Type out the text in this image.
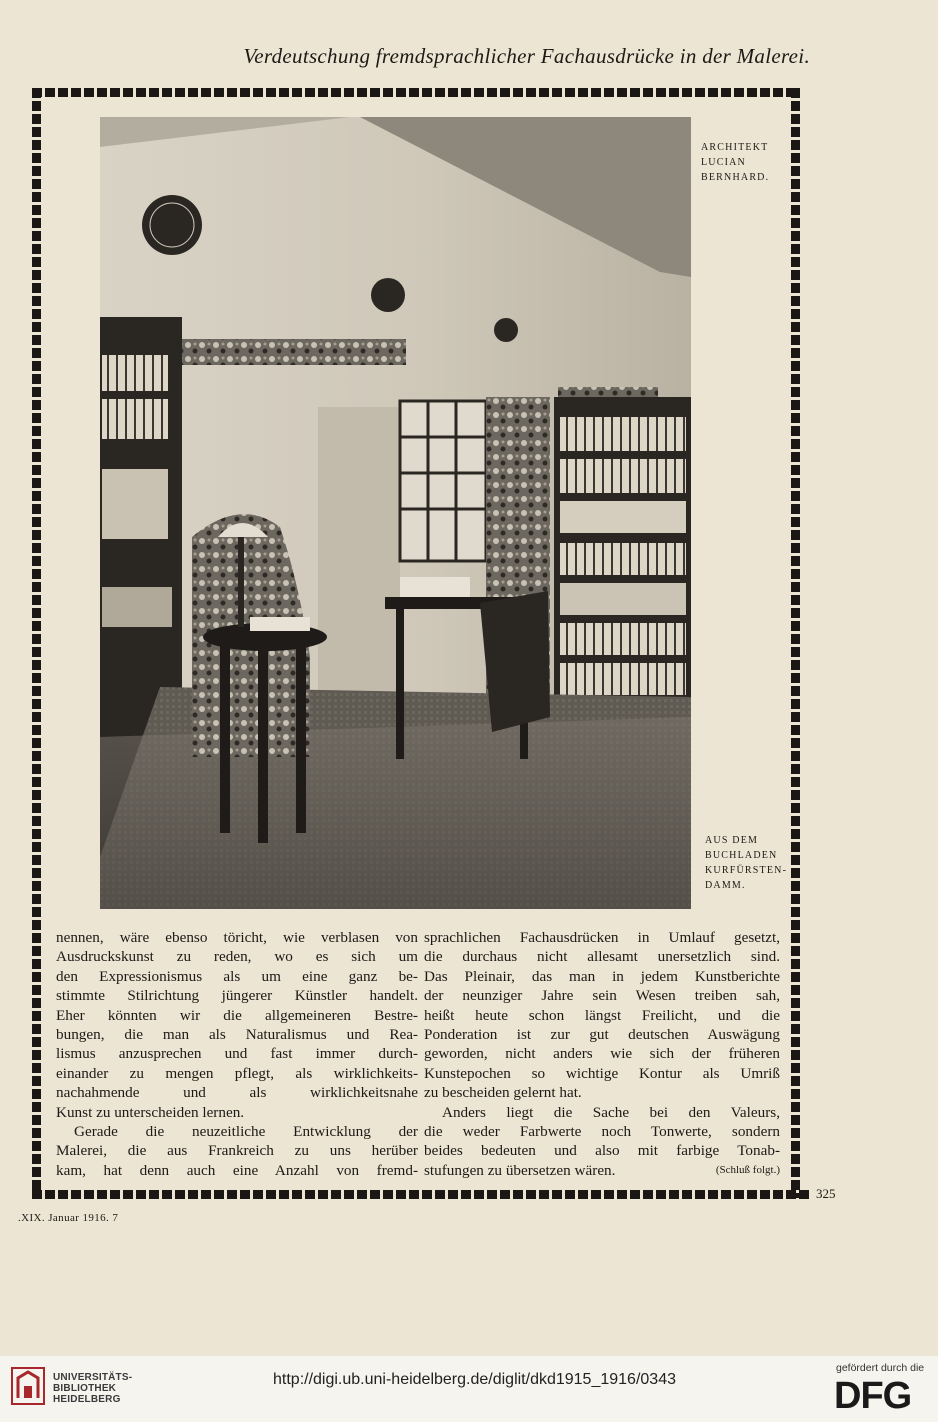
Verdeutschung fremdsprachlicher Fachausdrücke in der Malerei.
ARCHITEKT
LUCIAN
BERNHARD.
AUS DEM
BUCHLADEN
KURFÜRSTEN-
DAMM.
nennen, wäre ebenso töricht, wie verblasen von
Ausdruckskunst zu reden, wo es sich um
den Expressionismus als um eine ganz be-
stimmte Stilrichtung jüngerer Künstler handelt.
Eher könnten wir die allgemeineren Bestre-
bungen, die man als Naturalismus und Rea-
lismus anzusprechen und fast immer durch-
einander zu mengen pflegt, als wirklichkeits-
nachahmende und als wirklichkeitsnahe
Kunst zu unterscheiden lernen.
Gerade die neuzeitliche Entwicklung der
Malerei, die aus Frankreich zu uns herüber
kam, hat denn auch eine Anzahl von fremd-
sprachlichen Fachausdrücken in Umlauf gesetzt,
die durchaus nicht allesamt unersetzlich sind.
Das Pleinair, das man in jedem Kunstberichte
der neunziger Jahre sein Wesen treiben sah,
heißt heute schon längst Freilicht, und die
Ponderation ist zur gut deutschen Auswägung
geworden, nicht anders wie sich der früheren
Kunstepochen so wichtige Kontur als Umriß
zu bescheiden gelernt hat.
Anders liegt die Sache bei den Valeurs,
die weder Farbwerte noch Tonwerte, sondern
beides bedeuten und also mit farbige Tonab-
stufungen zu übersetzen wären.	(Schluß folgt.)
325
.XIX. Januar 1916. 7
UNIVERSITÄTS-
BIBLIOTHEK
HEIDELBERG
http://digi.ub.uni-heidelberg.de/diglit/dkd1915_1916/0343
gefördert durch die
DFG
